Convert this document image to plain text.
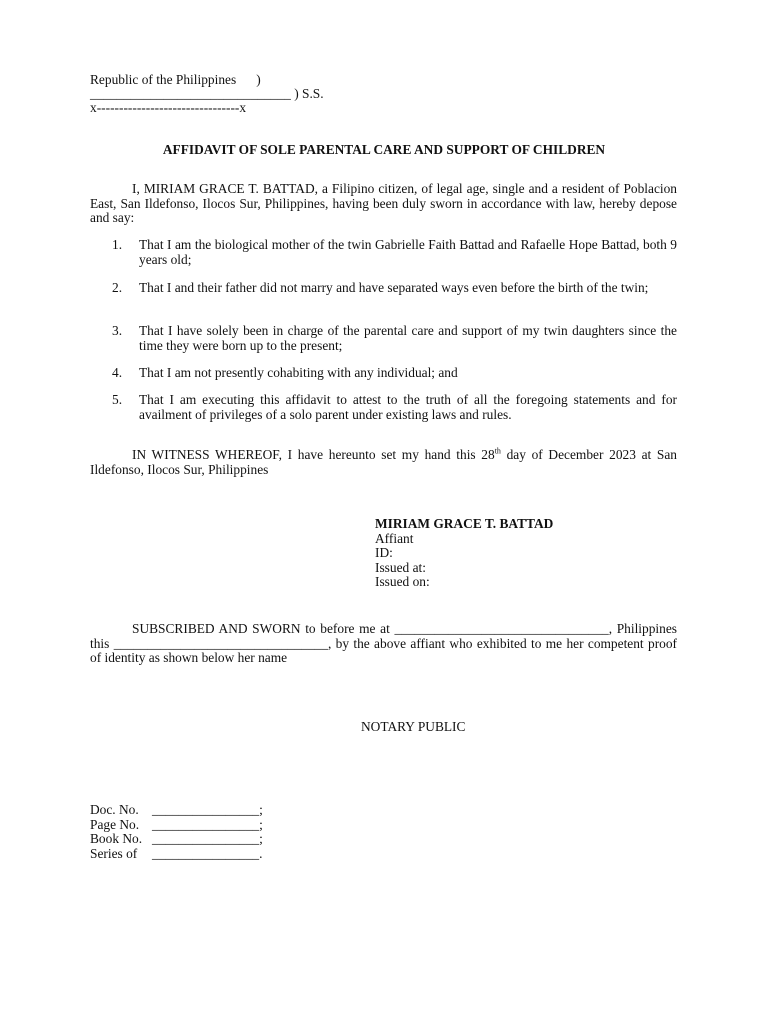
Republic of the Philippines      )
______________________________ ) S.S.
x--------------------------------x
AFFIDAVIT OF SOLE PARENTAL CARE AND SUPPORT OF CHILDREN
I, MIRIAM GRACE T. BATTAD, a Filipino citizen, of legal age, single and a resident of Poblacion East, San Ildefonso, Ilocos Sur, Philippines, having been duly sworn in accordance with law, hereby depose and say:
1. That I am the biological mother of the twin Gabrielle Faith Battad and Rafaelle Hope Battad, both 9 years old;
2. That I and their father did not marry and have separated ways even before the birth of the twin;
3. That I have solely been in charge of the parental care and support of my twin daughters since the time they were born up to the present;
4. That I am not presently cohabiting with any individual; and
5. That I am executing this affidavit to attest to the truth of all the foregoing statements and for availment of privileges of a solo parent under existing laws and rules.
IN WITNESS WHEREOF, I have hereunto set my hand this 28th day of December 2023 at San Ildefonso, Ilocos Sur, Philippines
MIRIAM GRACE T. BATTAD
Affiant
ID:
Issued at:
Issued on:
SUBSCRIBED AND SWORN to before me at ________________________________, Philippines this ________________________________, by the above affiant who exhibited to me her competent proof of identity as shown below her name
NOTARY PUBLIC
Doc. No. ________________;
Page No. ________________;
Book No. ________________;
Series of ________________.
